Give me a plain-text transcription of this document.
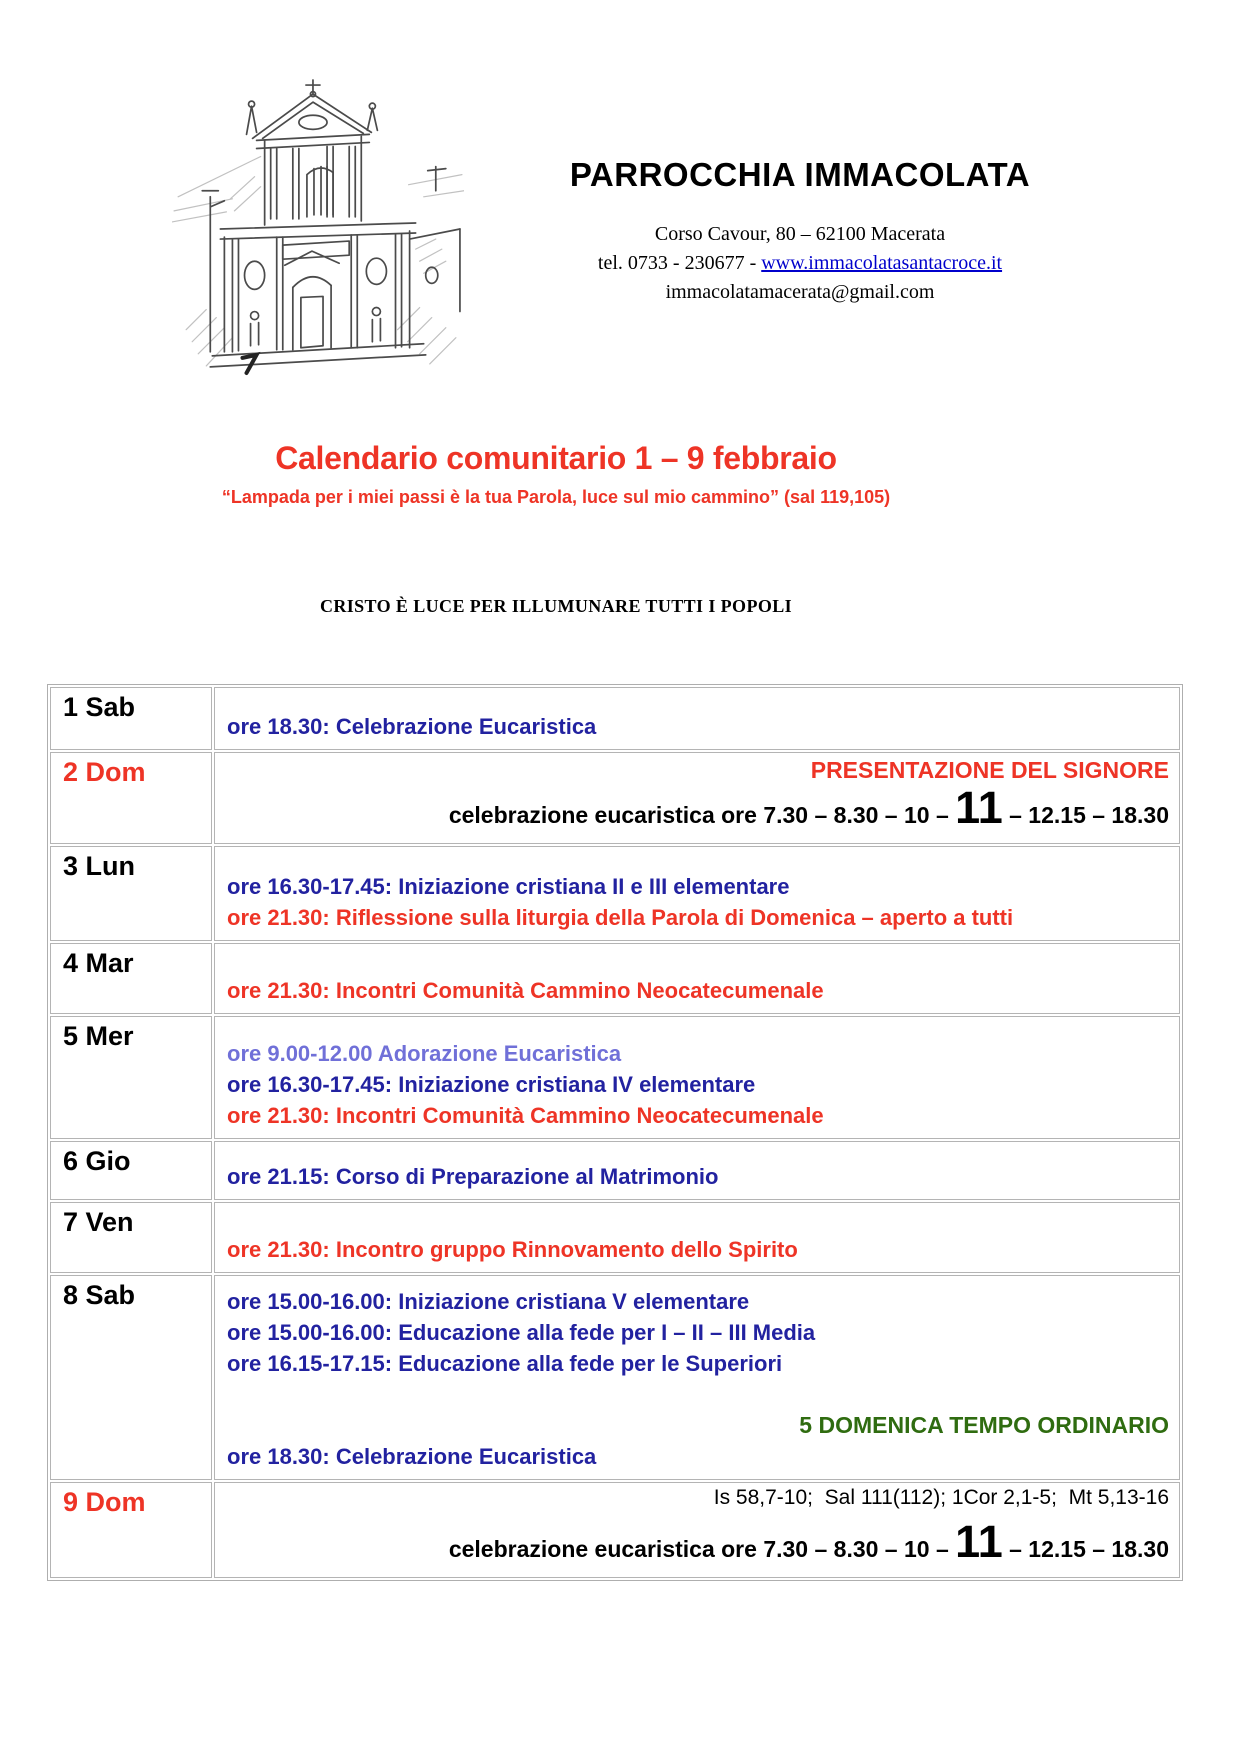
PARROCCHIA IMMACOLATA
Corso Cavour, 80 – 62100 Macerata
tel. 0733 - 230677 - www.immacolatasantacroce.it
immacolatamacerata@gmail.com
Calendario comunitario 1 – 9 febbraio
“Lampada per i miei passi è la tua Parola, luce sul mio cammino” (sal 119,105)
CRISTO È LUCE PER ILLUMUNARE TUTTI I POPOLI
1 Sab	ore 18.30: Celebrazione Eucaristica

2 Dom	PRESENTAZIONE DEL SIGNORE
celebrazione eucaristica ore 7.30 – 8.30 – 10 – 11 – 12.15 – 18.30

3 Lun	ore 16.30-17.45: Iniziazione cristiana II e III elementare
ore 21.30: Riflessione sulla liturgia della Parola di Domenica – aperto a tutti

4 Mar	ore 21.30: Incontri Comunità Cammino Neocatecumenale

5 Mer	ore 9.00-12.00 Adorazione Eucaristica
ore 16.30-17.45: Iniziazione cristiana IV elementare
ore 21.30: Incontri Comunità Cammino Neocatecumenale

6 Gio	ore 21.15: Corso di Preparazione al Matrimonio

7 Ven	ore 21.30: Incontro gruppo Rinnovamento dello Spirito

8 Sab	ore 15.00-16.00: Iniziazione cristiana V elementare
ore 15.00-16.00: Educazione alla fede per I – II – III Media
ore 16.15-17.15: Educazione alla fede per le Superiori
5 DOMENICA TEMPO ORDINARIO
ore 18.30: Celebrazione Eucaristica

9 Dom	Is 58,7-10;  Sal 111(112); 1Cor 2,1-5;  Mt 5,13-16
celebrazione eucaristica ore 7.30 – 8.30 – 10 – 11 – 12.15 – 18.30
